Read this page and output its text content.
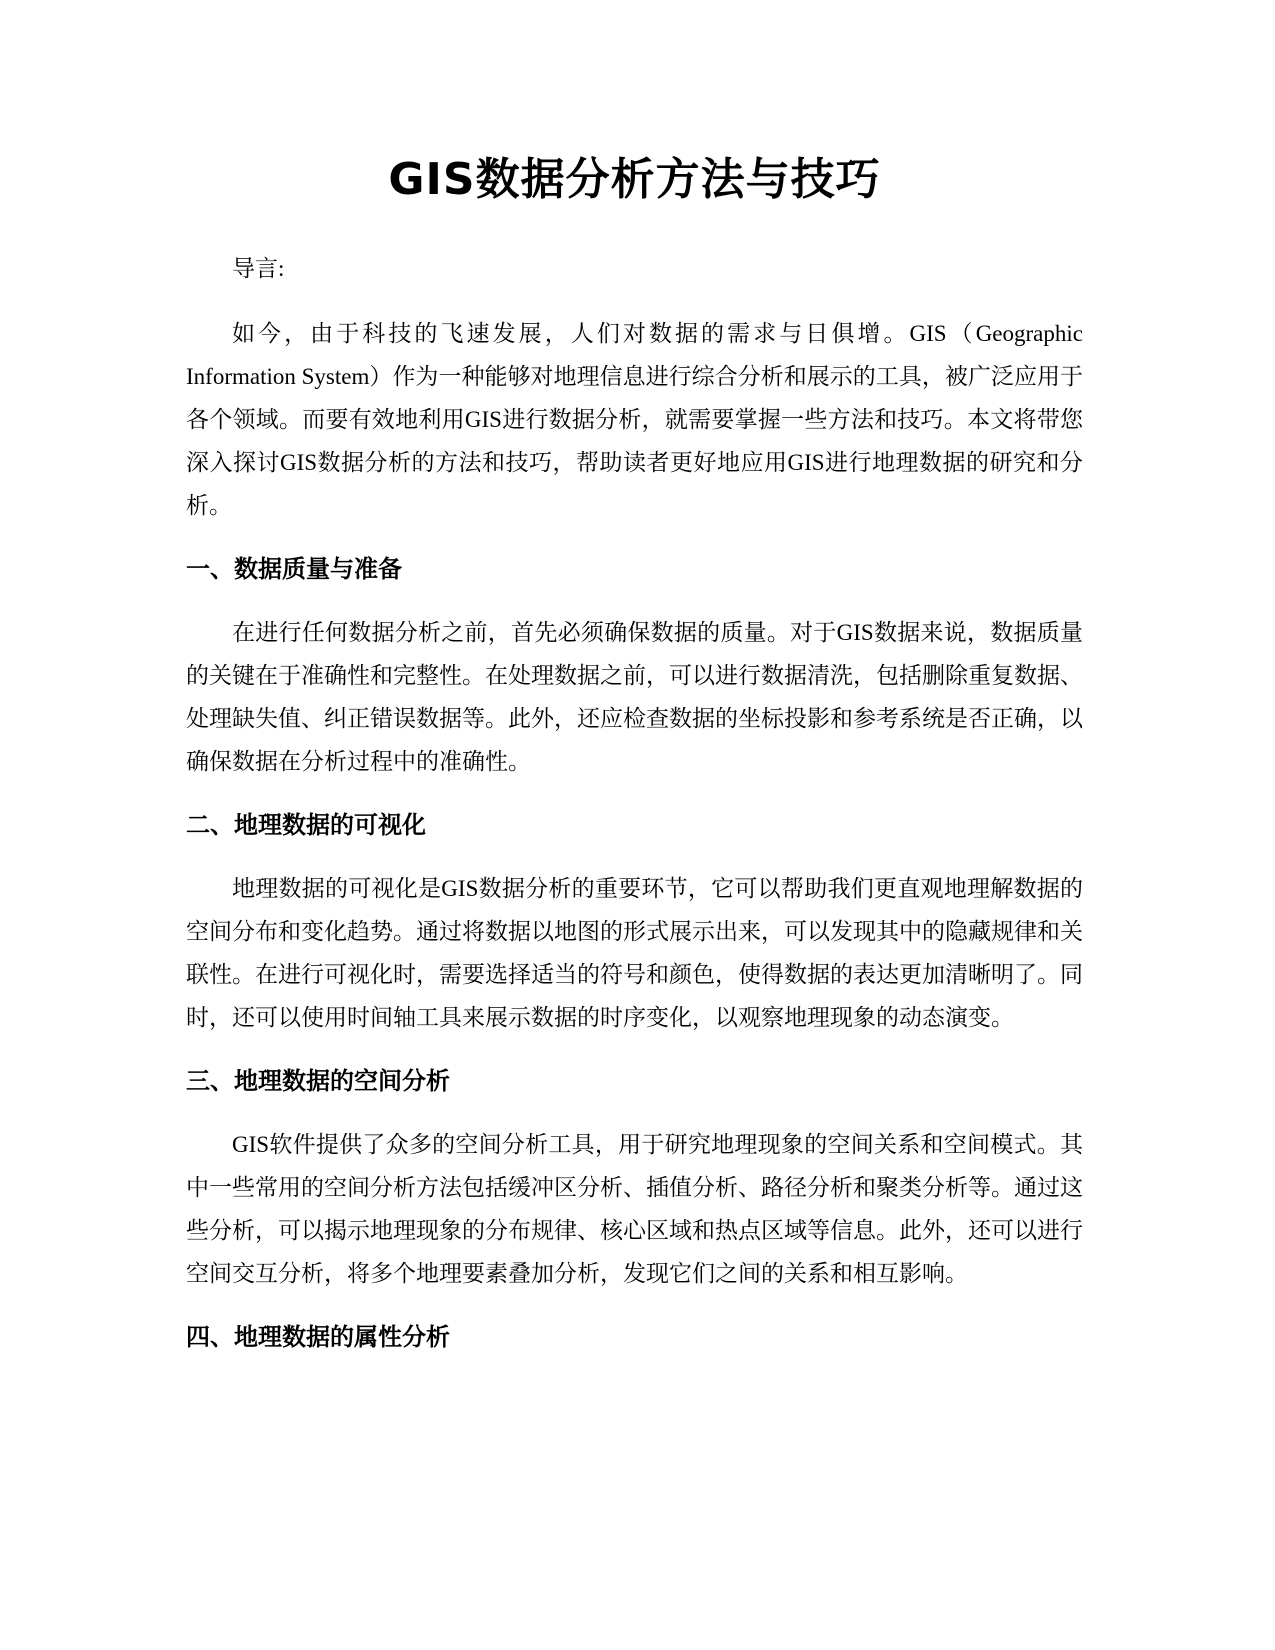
GIS数据分析方法与技巧

导言:

如今，由于科技的飞速发展，人们对数据的需求与日俱增。GIS（Geographic Information System）作为一种能够对地理信息进行综合分析和展示的工具，被广泛应用于各个领域。而要有效地利用GIS进行数据分析，就需要掌握一些方法和技巧。本文将带您深入探讨GIS数据分析的方法和技巧，帮助读者更好地应用GIS进行地理数据的研究和分析。

一、数据质量与准备

在进行任何数据分析之前，首先必须确保数据的质量。对于GIS数据来说，数据质量的关键在于准确性和完整性。在处理数据之前，可以进行数据清洗，包括删除重复数据、处理缺失值、纠正错误数据等。此外，还应检查数据的坐标投影和参考系统是否正确，以确保数据在分析过程中的准确性。

二、地理数据的可视化

地理数据的可视化是GIS数据分析的重要环节，它可以帮助我们更直观地理解数据的空间分布和变化趋势。通过将数据以地图的形式展示出来，可以发现其中的隐藏规律和关联性。在进行可视化时，需要选择适当的符号和颜色，使得数据的表达更加清晰明了。同时，还可以使用时间轴工具来展示数据的时序变化，以观察地理现象的动态演变。

三、地理数据的空间分析

GIS软件提供了众多的空间分析工具，用于研究地理现象的空间关系和空间模式。其中一些常用的空间分析方法包括缓冲区分析、插值分析、路径分析和聚类分析等。通过这些分析，可以揭示地理现象的分布规律、核心区域和热点区域等信息。此外，还可以进行空间交互分析，将多个地理要素叠加分析，发现它们之间的关系和相互影响。

四、地理数据的属性分析
